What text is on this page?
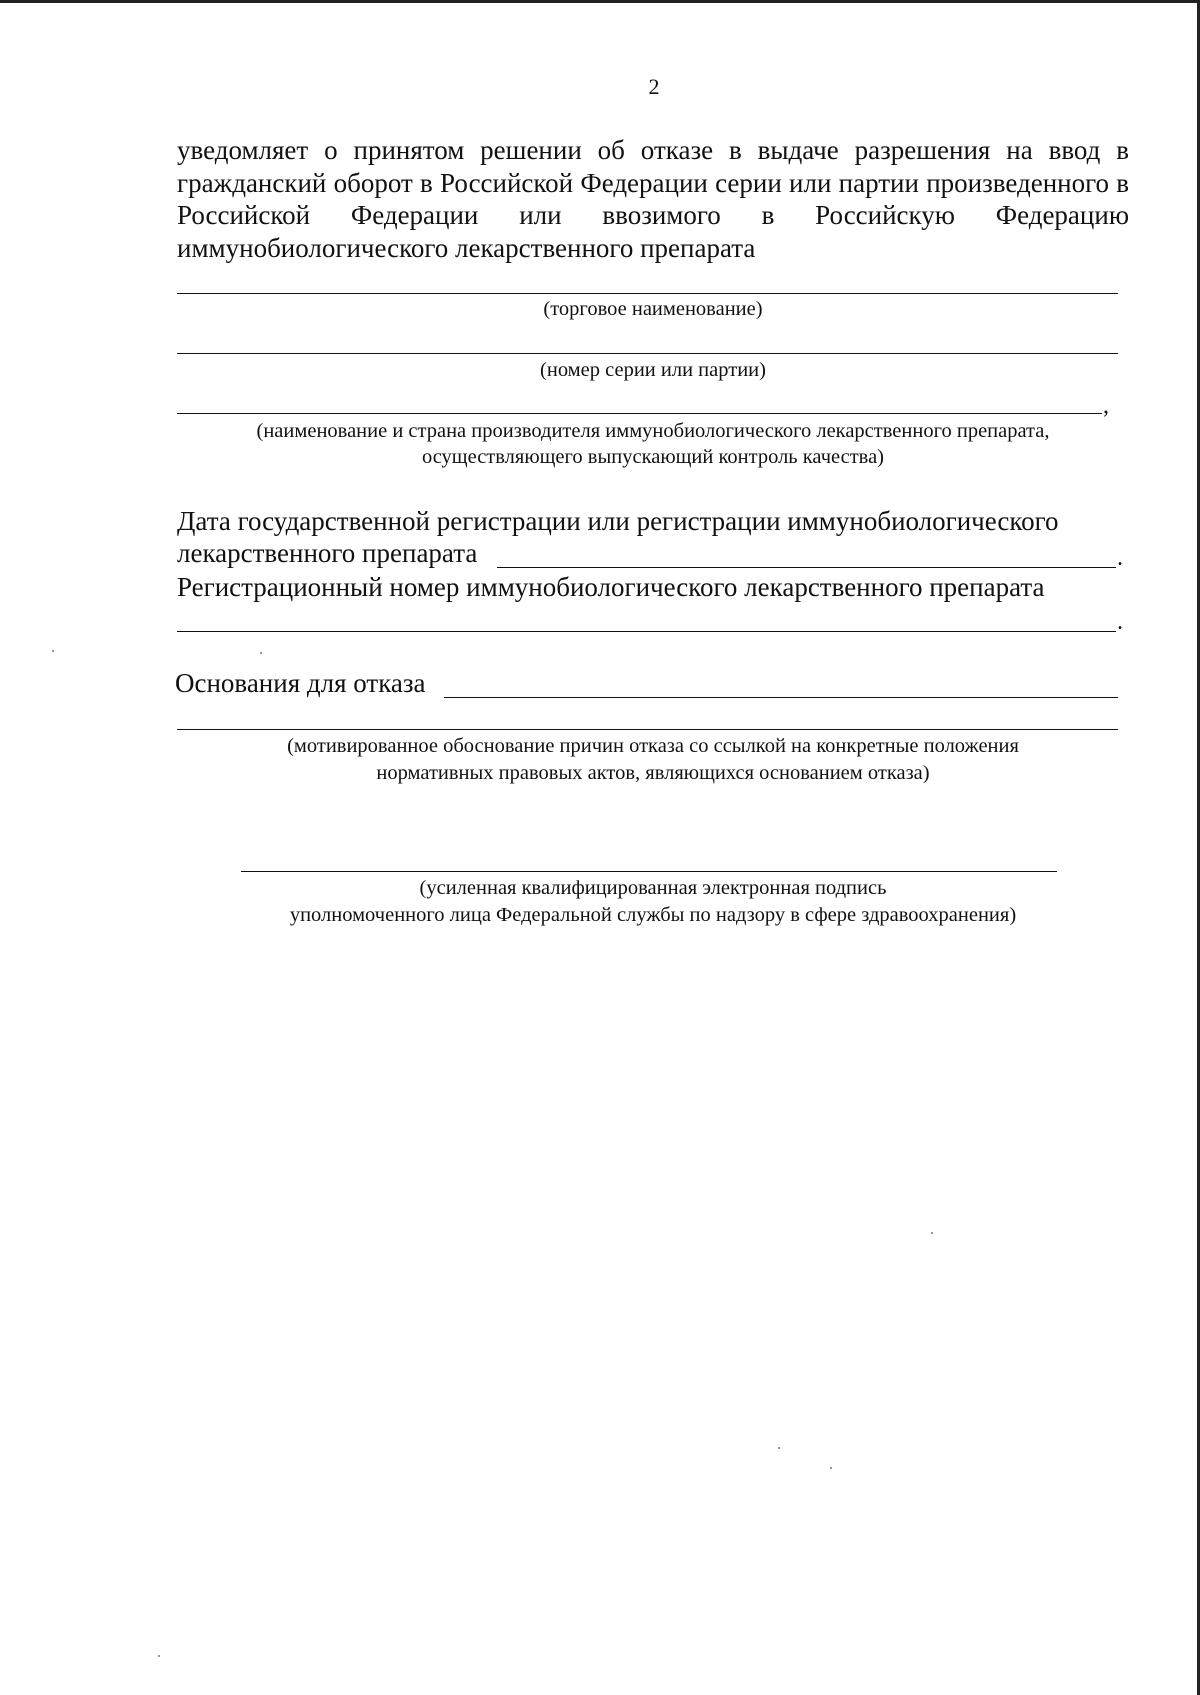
2
уведомляет о принятом решении об отказе в выдаче разрешения на ввод в гражданский оборот в Российской Федерации серии или партии произведенного в Российской Федерации или ввозимого в Российскую Федерацию иммунобиологического лекарственного препарата
(торговое наименование)
(номер серии или партии)
,
(наименование и страна производителя иммунобиологического лекарственного препарата,
осуществляющего выпускающий контроль качества)
Дата государственной регистрации или регистрации иммунобиологического
лекарственного препарата	.
Регистрационный номер иммунобиологического лекарственного препарата
.
Основания для отказа
(мотивированное обоснование причин отказа со ссылкой на конкретные положения
нормативных правовых актов, являющихся основанием отказа)
(усиленная квалифицированная электронная подпись
уполномоченного лица Федеральной службы по надзору в сфере здравоохранения)
